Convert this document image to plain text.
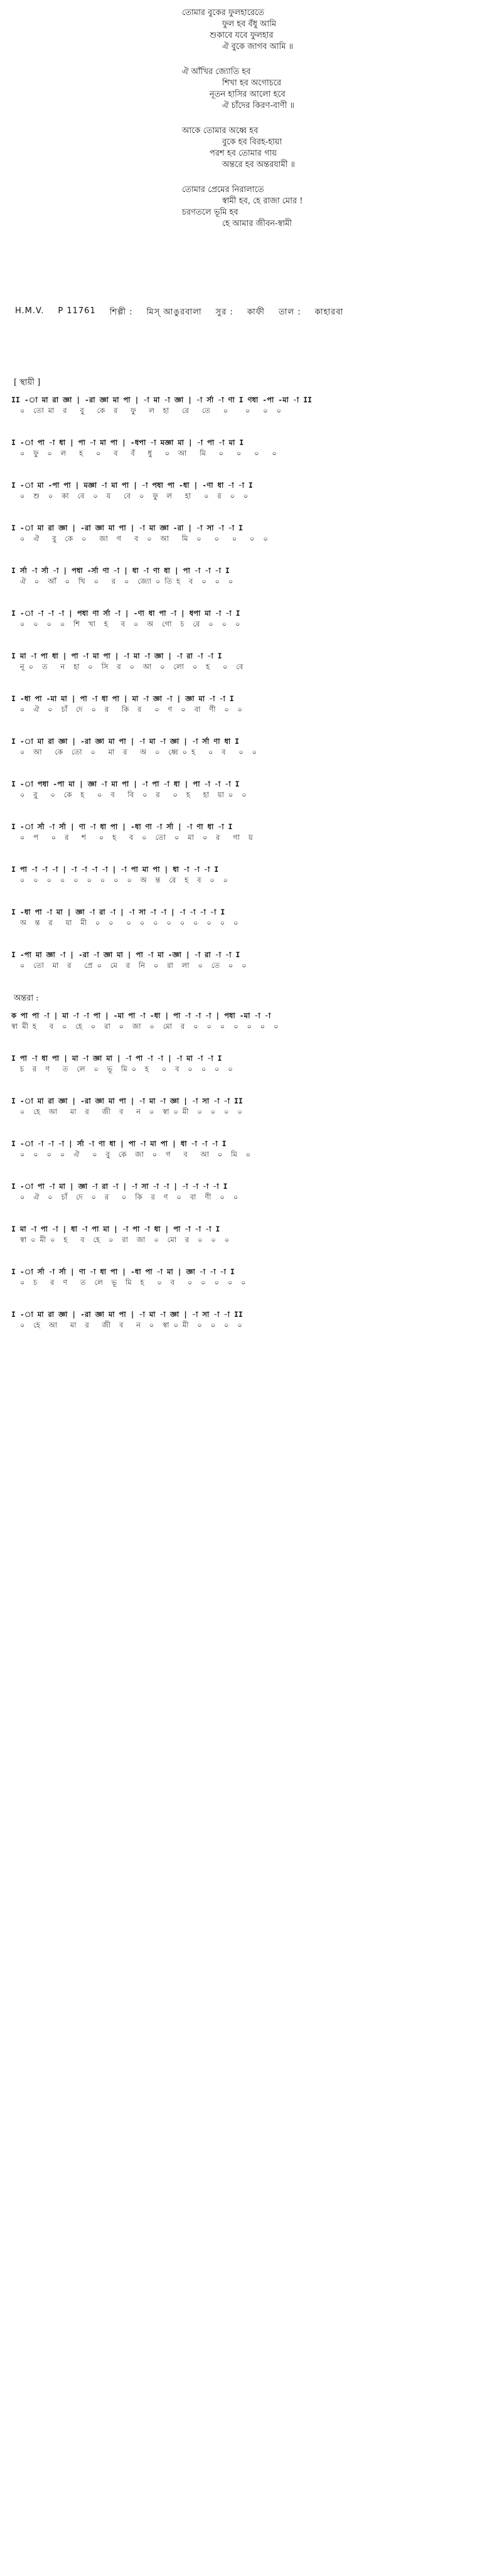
তোমার বুকের ফুলহারেতে
ফুল হব বঁধু আমি
শুকাবে যবে ফুলহার
ঐ বুকে জাগব আমি ॥
ঐ আঁখির জ্যোতি হব
শিখা হব অগোচরে
নূতন হাসির আলো হবে
ঐ চাঁদের কিরণ-বাণী ॥
আকে তোমার অধ্বে হব
বুকে হব বিরহ-হায়া
পরশ হব তোমার গায়
অন্তরে হব অন্তরযামী ॥
তোমার প্রেমের নিরালাতে
স্বামী হব, হে রাজা মোর !
চরণতলে ভূমি হব
হে আমার জীবন-স্বামী
H.M.V. P 11761 শিল্পী : মিস্ আঙুরবালা সুর : কাফী তাল : কাহারবা
[ স্থায়ী ]
II -া মা রা জ্ঞা | -রা জ্ঞা মা পা | -া মা -া জ্ঞা | -া র্সা -া ণা I ণধা -পা -মা -া II
০  তো মা  র   বু   কে  র   ফু   ল  হা   রে   তে   ০    ০   ০  ০
I -া পা -া ধা | পা -া মা পা | -ধপা -া মজ্ঞা মা | -া পা -া মা I
০  ফু  ০  ল   হ   ০   ব   বঁ   ধু   ০  আ   মি   ০   ০   ০   ০
I -া মা -পা পা | মজ্ঞা -া মা পা | -া পধা পা -ধা | -ণা ধা -া -া I
০  শু  ০  কা  বে  ০  য   বে  ০  ফু  ল   হা   ০  র  ০  ০
I -া মা রা জ্ঞা | -রা জ্ঞা মা পা | -া মা জ্ঞা -রা | -া সা -া -া I
০  ঐ   বু  কে  ০   জা  গ   ব  ০  আ   মি  ০   ০   ০   ০  ০
I র্সা -া র্সা -া | পধা -র্সা ণা -া | ধা -া ণা ধা | পা -া -া -া I
ঐ  ০  আঁ  ০  খি  ০   র  ০  জ্যো ০ তি হ  ব  ০  ০  ০
I -া -া -া -া | পধা ণা র্সা -া | -ণা ধা পা -া | ধপা মা -া -া I
০  ০  ০  ০  শি  খা  হ   ব  ০  অ  গো  চ  রে  ০  ০  ০
I মা -া পা ধা | পা -া মা পা | -া মা -া জ্ঞা | -া রা -া -া I
নূ ০  ত   ন  হা  ০  সি  র  ০  আ  ০  লো  ০  হ   ০  বে
I -ধা পা -মা মা | পা -া ধা পা | মা -া জ্ঞা -া | জ্ঞা মা -া -া I
০  ঐ  ০  চাঁ  দে  ০  র   কি  র   ০  ণ  ০  বা  ণী  ০  ০
I -া মা রা জ্ঞা | -রা জ্ঞা মা পা | -া মা -া জ্ঞা | -া র্সা ণা ধা I
০  আ   কে  তো  ০   মা  র   অ  ০  ধ্বে ০ হ   ০  ব   ০  ০
I -া পধা -পা মা | জ্ঞা -া মা পা | -া পা -া ধা | পা -া -া -া I
০  বু   ০  কে  হ   ০  ব   বি  ০  র   ০  হ   হা  য়া ০  ০
I -া র্সা -া র্সা | ণা -া ধা পা | -ধা ণা -া র্সা | -া ণা ধা -া I
০  প   ০  র   শ   ০  হ   ব  ০  তো  ০  মা  ০  র   গা  য়
I পা -া -া -া | -া -া -া -া | -া পা মা পা | ধা -া -া -া I
০  ০  ০  ০  ০  ০  ০  ০  ০  অ  ন্ত  রে  হ  ব  ০  ০
I -ধা পা -া মা | জ্ঞা -া রা -া | -া সা -া -া | -া -া -া -া I
অ  ন্ত  র   যা  মী  ০  ০   ০  ০  ০  ০  ০  ০  ০  ০  ০
I -পা মা জ্ঞা -া | -রা -া জ্ঞা মা | পা -া মা -জ্ঞা | -া রা -া -া I
০  তো  মা  র   প্রে ০  মে  র  নি  ০  রা  লা  ০  তে  ০  ০
অন্তরা :
ক পা পা -া | মা -া -া পা | -মা পা -া -ধা | পা -া -া -া | পধা -মা -া -া
স্বা মী হ   ব  ০  হে  ০  রা  ০  জা  ০  মো  র  ০  ০  ০  ০  ০  ০  ০
I পা -া ধা পা | মা -া জ্ঞা মা | -া পা -া -া | -া মা -া -া I
চ  র  ণ   ত  লে  ০  ভূ  মি ০  হ   ০  ব  ০  ০  ০  ০
I -া মা রা জ্ঞা | -রা জ্ঞা মা পা | -া মা -া জ্ঞা | -া সা -া -া II
০  হে  আ   মা  র   জী  ব   ন  ০  স্বা ০ মী  ০  ০  ০  ০
I -া -া -া -া | র্সা -া ণা ধা | পা -া মা পা | ধা -া -া -া I
০  ০  ০  ০  ঐ   ০  বু  কে  জা  ০  গ   ব   আ  ০  মি  ০
I -া পা -া মা | জ্ঞা -া রা -া | -া সা -া -া | -া -া -া -া I
০  ঐ  ০  চাঁ  দে  ০  র   ০  কি  র  ণ  ০  বা  ণী  ০  ০
I মা -া পা -া | ধা -া পা মা | -া পা -া ধা | পা -া -া -া I
স্বা ০ মী ০  হ   ব  হে  ০  রা  জা  ০  মো  র  ০  ০  ০
I -া র্সা -া র্সা | ণা -া ধা পা | -ধা পা -া মা | জ্ঞা -া -া -া I
০  চ   র  ণ   ত  লে  ভূ  মি  হ   ০  ব   ০  ০  ০  ০  ০
I -া মা রা জ্ঞা | -রা জ্ঞা মা পা | -া মা -া জ্ঞা | -া সা -া -া II
০  হে  আ   মা  র   জী  ব   ন  ০  স্বা ০ মী  ০  ০  ০  ০
